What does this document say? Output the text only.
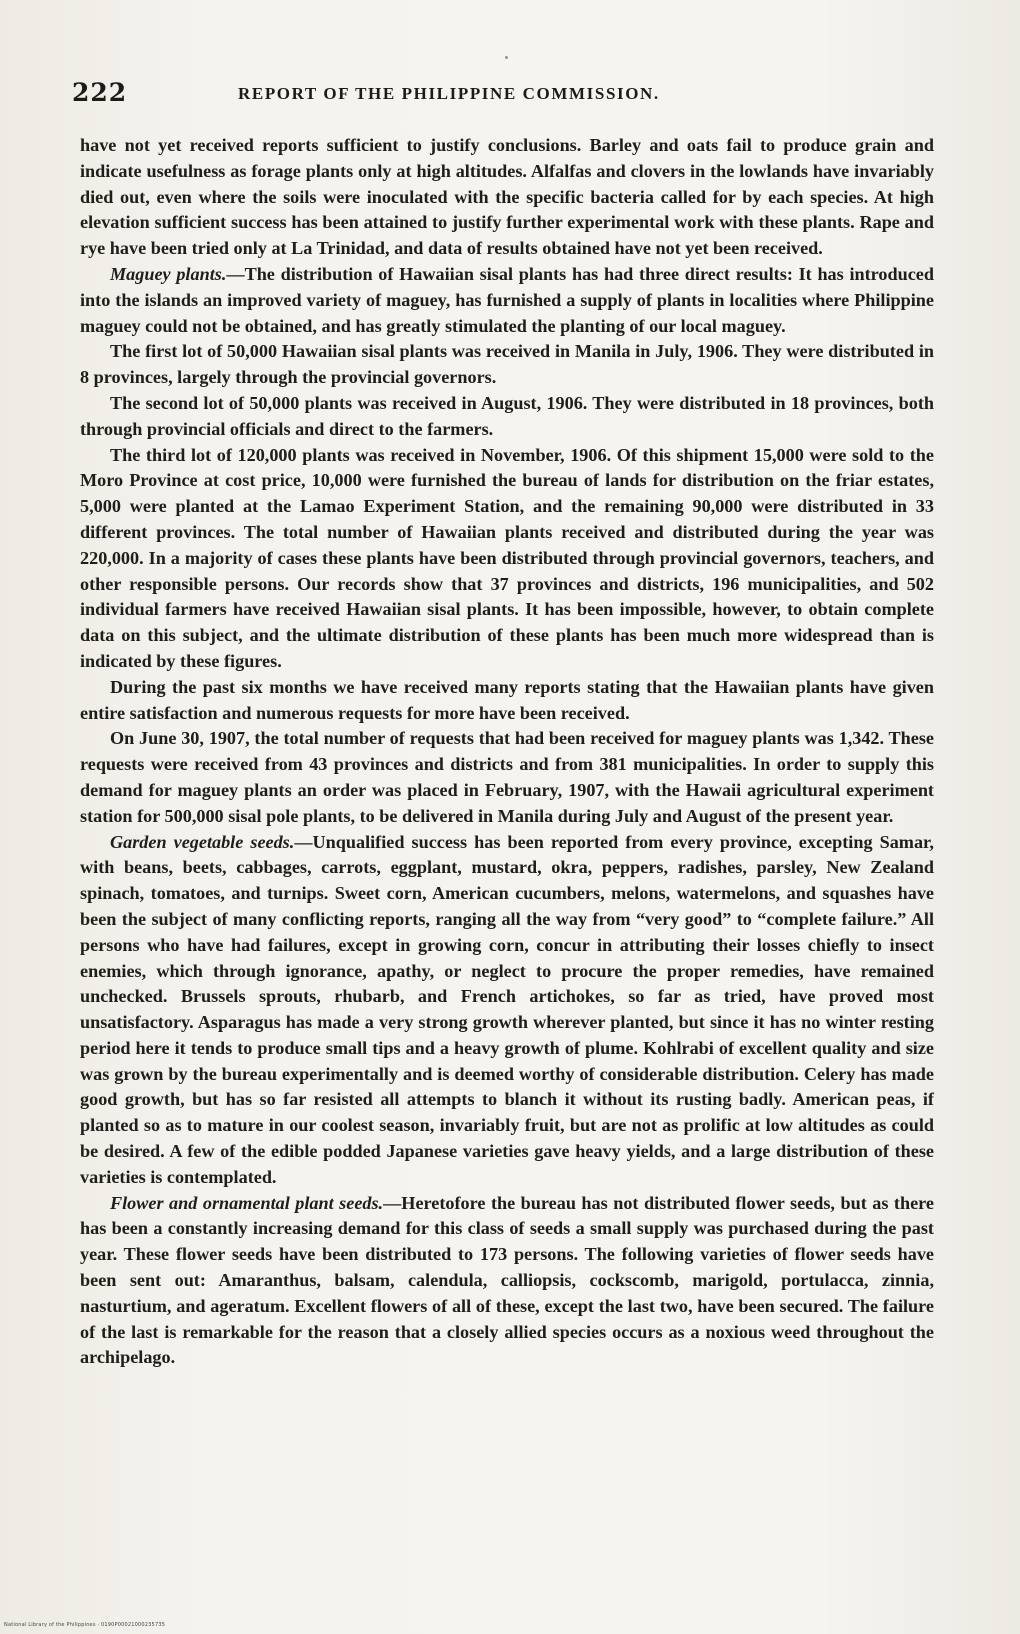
222	REPORT OF THE PHILIPPINE COMMISSION.

have not yet received reports sufficient to justify conclusions. Barley and oats fail to produce grain and indicate usefulness as forage plants only at high altitudes. Alfalfas and clovers in the lowlands have invariably died out, even where the soils were inoculated with the specific bacteria called for by each species. At high elevation sufficient success has been attained to justify further experimental work with these plants. Rape and rye have been tried only at La Trinidad, and data of results obtained have not yet been received.

Maguey plants.—The distribution of Hawaiian sisal plants has had three direct results: It has introduced into the islands an improved variety of maguey, has furnished a supply of plants in localities where Philippine maguey could not be obtained, and has greatly stimulated the planting of our local maguey.

The first lot of 50,000 Hawaiian sisal plants was received in Manila in July, 1906. They were distributed in 8 provinces, largely through the provincial governors.

The second lot of 50,000 plants was received in August, 1906. They were distributed in 18 provinces, both through provincial officials and direct to the farmers.

The third lot of 120,000 plants was received in November, 1906. Of this shipment 15,000 were sold to the Moro Province at cost price, 10,000 were furnished the bureau of lands for distribution on the friar estates, 5,000 were planted at the Lamao Experiment Station, and the remaining 90,000 were distributed in 33 different provinces. The total number of Hawaiian plants received and distributed during the year was 220,000. In a majority of cases these plants have been distributed through provincial governors, teachers, and other responsible persons. Our records show that 37 provinces and districts, 196 municipalities, and 502 individual farmers have received Hawaiian sisal plants. It has been impossible, however, to obtain complete data on this subject, and the ultimate distribution of these plants has been much more widespread than is indicated by these figures.

During the past six months we have received many reports stating that the Hawaiian plants have given entire satisfaction and numerous requests for more have been received.

On June 30, 1907, the total number of requests that had been received for maguey plants was 1,342. These requests were received from 43 provinces and districts and from 381 municipalities. In order to supply this demand for maguey plants an order was placed in February, 1907, with the Hawaii agricultural experiment station for 500,000 sisal pole plants, to be delivered in Manila during July and August of the present year.

Garden vegetable seeds.—Unqualified success has been reported from every province, excepting Samar, with beans, beets, cabbages, carrots, eggplant, mustard, okra, peppers, radishes, parsley, New Zealand spinach, tomatoes, and turnips. Sweet corn, American cucumbers, melons, watermelons, and squashes have been the subject of many conflicting reports, ranging all the way from “very good” to “complete failure.” All persons who have had failures, except in growing corn, concur in attributing their losses chiefly to insect enemies, which through ignorance, apathy, or neglect to procure the proper remedies, have remained unchecked. Brussels sprouts, rhubarb, and French artichokes, so far as tried, have proved most unsatisfactory. Asparagus has made a very strong growth wherever planted, but since it has no winter resting period here it tends to produce small tips and a heavy growth of plume. Kohlrabi of excellent quality and size was grown by the bureau experimentally and is deemed worthy of considerable distribution. Celery has made good growth, but has so far resisted all attempts to blanch it without its rusting badly. American peas, if planted so as to mature in our coolest season, invariably fruit, but are not as prolific at low altitudes as could be desired. A few of the edible podded Japanese varieties gave heavy yields, and a large distribution of these varieties is contemplated.

Flower and ornamental plant seeds.—Heretofore the bureau has not distributed flower seeds, but as there has been a constantly increasing demand for this class of seeds a small supply was purchased during the past year. These flower seeds have been distributed to 173 persons. The following varieties of flower seeds have been sent out: Amaranthus, balsam, calendula, calliopsis, cockscomb, marigold, portulacca, zinnia, nasturtium, and ageratum. Excellent flowers of all of these, except the last two, have been secured. The failure of the last is remarkable for the reason that a closely allied species occurs as a noxious weed throughout the archipelago.

National Library of the Philippines · 0190P00021000235735
